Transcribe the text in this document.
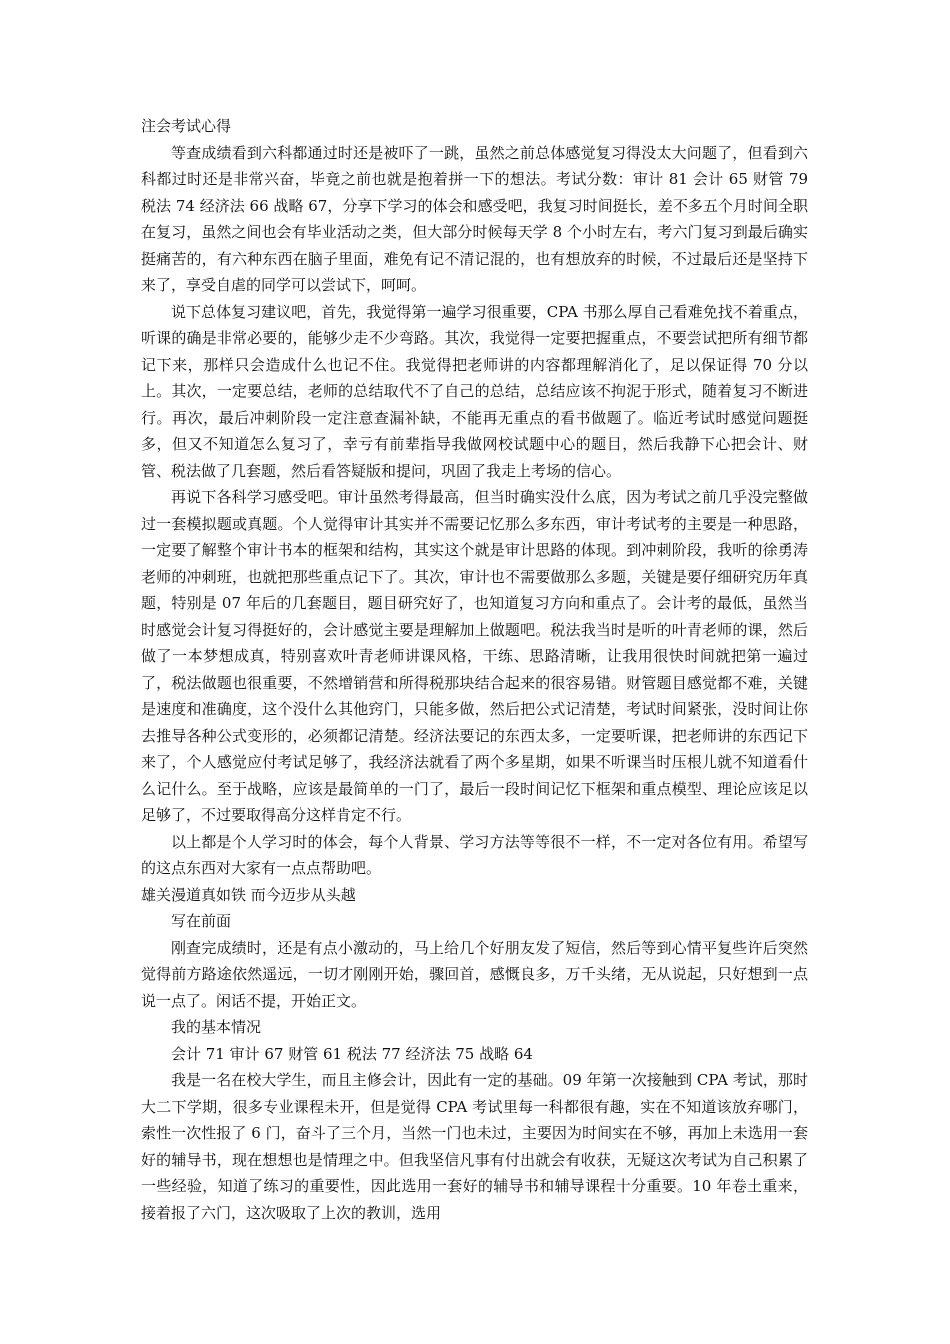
注会考试心得

等查成绩看到六科都通过时还是被吓了一跳，虽然之前总体感觉复习得没太大问题了，但看到六科都过时还是非常兴奋，毕竟之前也就是抱着拼一下的想法。考试分数：审计 81 会计 65 财管 79 税法 74 经济法 66 战略 67，分享下学习的体会和感受吧，我复习时间挺长，差不多五个月时间全职在复习，虽然之间也会有毕业活动之类，但大部分时候每天学 8 个小时左右，考六门复习到最后确实挺痛苦的，有六种东西在脑子里面，难免有记不清记混的，也有想放弃的时候，不过最后还是坚持下来了，享受自虐的同学可以尝试下，呵呵。

说下总体复习建议吧，首先，我觉得第一遍学习很重要，CPA 书那么厚自己看难免找不着重点，听课的确是非常必要的，能够少走不少弯路。其次，我觉得一定要把握重点，不要尝试把所有细节都记下来，那样只会造成什么也记不住。我觉得把老师讲的内容都理解消化了，足以保证得 70 分以上。其次，一定要总结，老师的总结取代不了自己的总结，总结应该不拘泥于形式，随着复习不断进行。再次，最后冲刺阶段一定注意查漏补缺，不能再无重点的看书做题了。临近考试时感觉问题挺多，但又不知道怎么复习了，幸亏有前辈指导我做网校试题中心的题目，然后我静下心把会计、财管、税法做了几套题，然后看答疑版和提问，巩固了我走上考场的信心。

再说下各科学习感受吧。审计虽然考得最高，但当时确实没什么底，因为考试之前几乎没完整做过一套模拟题或真题。个人觉得审计其实并不需要记忆那么多东西，审计考试考的主要是一种思路，一定要了解整个审计书本的框架和结构，其实这个就是审计思路的体现。到冲刺阶段，我听的徐勇涛老师的冲刺班，也就把那些重点记下了。其次，审计也不需要做那么多题，关键是要仔细研究历年真题，特别是 07 年后的几套题目，题目研究好了，也知道复习方向和重点了。会计考的最低，虽然当时感觉会计复习得挺好的，会计感觉主要是理解加上做题吧。税法我当时是听的叶青老师的课，然后做了一本梦想成真，特别喜欢叶青老师讲课风格，干练、思路清晰，让我用很快时间就把第一遍过了，税法做题也很重要，不然增销营和所得税那块结合起来的很容易错。财管题目感觉都不难，关键是速度和准确度，这个没什么其他窍门，只能多做，然后把公式记清楚，考试时间紧张，没时间让你去推导各种公式变形的，必须都记清楚。经济法要记的东西太多，一定要听课，把老师讲的东西记下来了，个人感觉应付考试足够了，我经济法就看了两个多星期，如果不听课当时压根儿就不知道看什么记什么。至于战略，应该是最简单的一门了，最后一段时间记忆下框架和重点模型、理论应该足以足够了，不过要取得高分这样肯定不行。

以上都是个人学习时的体会，每个人背景、学习方法等等很不一样，不一定对各位有用。希望写的这点东西对大家有一点点帮助吧。

雄关漫道真如铁 而今迈步从头越

写在前面

刚查完成绩时，还是有点小激动的，马上给几个好朋友发了短信，然后等到心情平复些许后突然觉得前方路途依然遥远，一切才刚刚开始，骤回首，感慨良多，万千头绪，无从说起，只好想到一点说一点了。闲话不提，开始正文。

我的基本情况

会计 71 审计 67 财管 61 税法 77 经济法 75 战略 64

我是一名在校大学生，而且主修会计，因此有一定的基础。09 年第一次接触到 CPA 考试，那时大二下学期，很多专业课程未开，但是觉得 CPA 考试里每一科都很有趣，实在不知道该放弃哪门，索性一次性报了 6 门，奋斗了三个月，当然一门也未过，主要因为时间实在不够，再加上未选用一套好的辅导书，现在想想也是情理之中。但我坚信凡事有付出就会有收获，无疑这次考试为自己积累了一些经验，知道了练习的重要性，因此选用一套好的辅导书和辅导课程十分重要。10 年卷土重来，接着报了六门，这次吸取了上次的教训，选用
